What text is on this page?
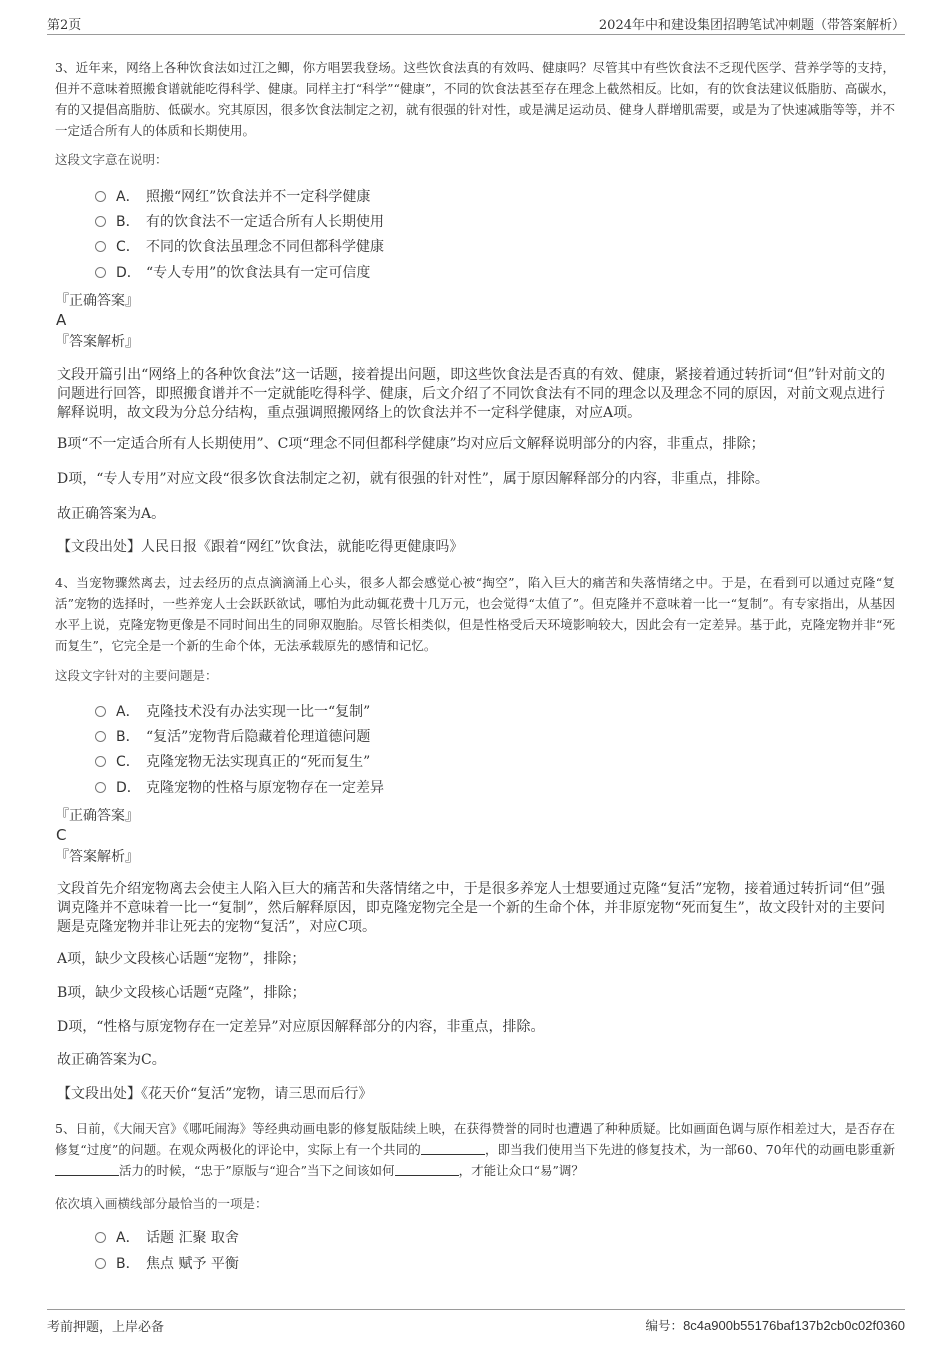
第2页	2024年中和建设集团招聘笔试冲刺题（带答案解析）

3、近年来，网络上各种饮食法如过江之鲫，你方唱罢我登场。这些饮食法真的有效吗、健康吗？尽管其中有些饮食法不乏现代医学、营养学等的支持，但并不意味着照搬食谱就能吃得科学、健康。同样主打“科学”“健康”，不同的饮食法甚至存在理念上截然相反。比如，有的饮食法建议低脂肪、高碳水，有的又提倡高脂肪、低碳水。究其原因，很多饮食法制定之初，就有很强的针对性，或是满足运动员、健身人群增肌需要，或是为了快速减脂等等，并不一定适合所有人的体质和长期使用。

这段文字意在说明：
A． 照搬“网红”饮食法并不一定科学健康
B． 有的饮食法不一定适合所有人长期使用
C． 不同的饮食法虽理念不同但都科学健康
D． “专人专用”的饮食法具有一定可信度
『正确答案』
A
『答案解析』

文段开篇引出“网络上的各种饮食法”这一话题，接着提出问题，即这些饮食法是否真的有效、健康，紧接着通过转折词“但”针对前文的问题进行回答，即照搬食谱并不一定就能吃得科学、健康，后文介绍了不同饮食法有不同的理念以及理念不同的原因，对前文观点进行解释说明，故文段为分总分结构，重点强调照搬网络上的饮食法并不一定科学健康，对应A项。

B项“不一定适合所有人长期使用”、C项“理念不同但都科学健康”均对应后文解释说明部分的内容，非重点，排除；

D项，“专人专用”对应文段“很多饮食法制定之初，就有很强的针对性”，属于原因解释部分的内容，非重点，排除。

故正确答案为A。

【文段出处】人民日报《跟着“网红”饮食法，就能吃得更健康吗》

4、当宠物骤然离去，过去经历的点点滴滴涌上心头，很多人都会感觉心被“掏空”，陷入巨大的痛苦和失落情绪之中。于是，在看到可以通过克隆“复活”宠物的选择时，一些养宠人士会跃跃欲试，哪怕为此动辄花费十几万元，也会觉得“太值了”。但克隆并不意味着一比一“复制”。有专家指出，从基因水平上说，克隆宠物更像是不同时间出生的同卵双胞胎。尽管长相类似，但是性格受后天环境影响较大，因此会有一定差异。基于此，克隆宠物并非“死而复生”，它完全是一个新的生命个体，无法承载原先的感情和记忆。

这段文字针对的主要问题是：
A． 克隆技术没有办法实现一比一“复制”
B． “复活”宠物背后隐藏着伦理道德问题
C． 克隆宠物无法实现真正的“死而复生”
D． 克隆宠物的性格与原宠物存在一定差异
『正确答案』
C
『答案解析』

文段首先介绍宠物离去会使主人陷入巨大的痛苦和失落情绪之中，于是很多养宠人士想要通过克隆“复活”宠物，接着通过转折词“但”强调克隆并不意味着一比一“复制”，然后解释原因，即克隆宠物完全是一个新的生命个体，并非原宠物“死而复生”，故文段针对的主要问题是克隆宠物并非让死去的宠物“复活”，对应C项。

A项，缺少文段核心话题“宠物”，排除；

B项，缺少文段核心话题“克隆”，排除；

D项，“性格与原宠物存在一定差异”对应原因解释部分的内容，非重点，排除。

故正确答案为C。

【文段出处】《花天价“复活”宠物，请三思而后行》

5、日前，《大闹天宫》《哪吒闹海》等经典动画电影的修复版陆续上映，在获得赞誉的同时也遭遇了种种质疑。比如画面色调与原作相差过大，是否存在修复“过度”的问题。在观众两极化的评论中，实际上有一个共同的	，即当我们使用当下先进的修复技术，为一部60、70年代的动画电影重新活力的时候，“忠于”原版与“迎合”当下之间该如何	，才能让众口“易”调？

依次填入画横线部分最恰当的一项是：
A． 话题 汇聚 取舍
B． 焦点 赋予 平衡
考前押题，上岸必备	编号：8c4a900b55176baf137b2cb0c02f0360
